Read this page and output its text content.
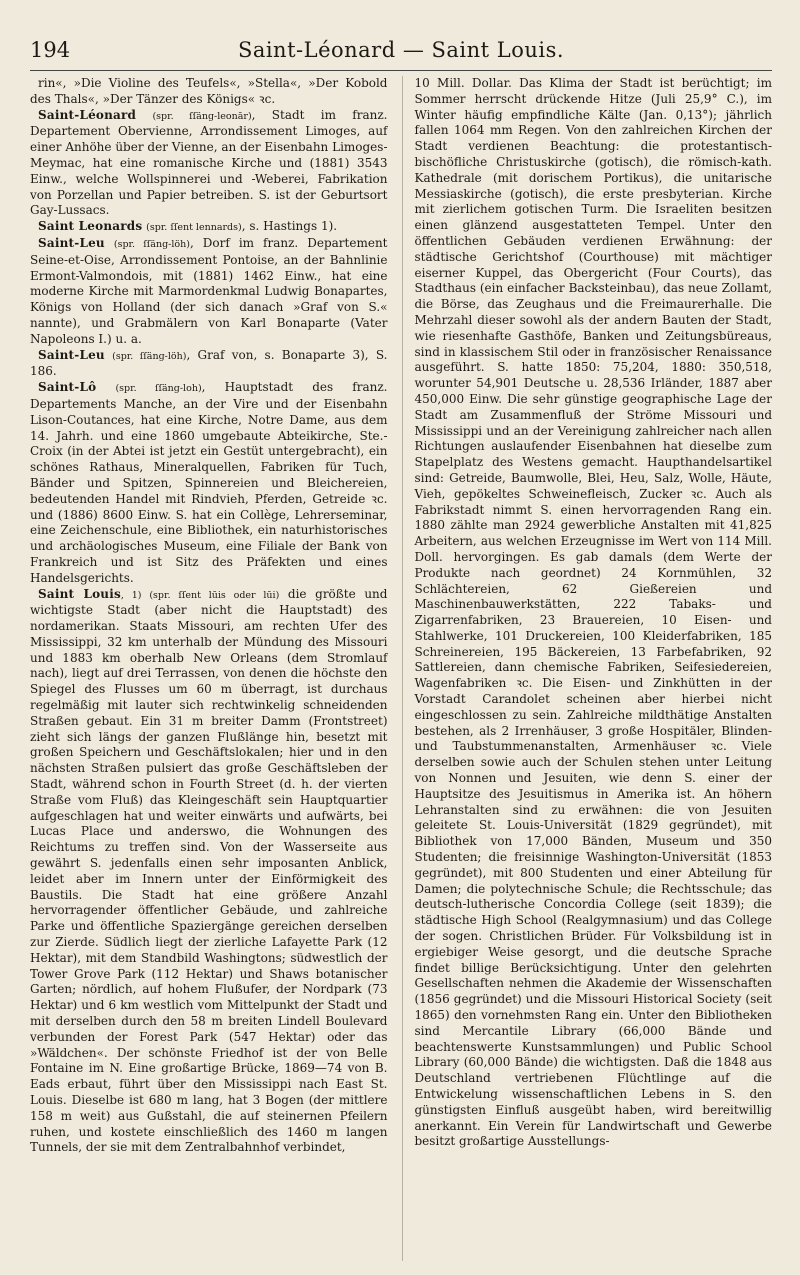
194	Saint-Léonard — Saint Louis.

rin«, »Die Violine des Teufels«, »Stella«, »Der Kobold des Thals«, »Der Tänzer des Königs« ꝛc.

Saint-Léonard (spr. ſſäng-leonār), Stadt im franz. Departement Obervienne, Arrondissement Limoges, auf einer Anhöhe über der Vienne, an der Eisenbahn Limoges-Meymac, hat eine romanische Kirche und (1881) 3543 Einw., welche Wollspinnerei und -Weberei, Fabrikation von Porzellan und Papier betreiben. S. ist der Geburtsort Gay-Lussacs.

Saint Leonards (spr. ſſent lennards), s. Hastings 1).

Saint-Leu (spr. ſſäng-löh), Dorf im franz. Departement Seine-et-Oise, Arrondissement Pontoise, an der Bahnlinie Ermont-Valmondois, mit (1881) 1462 Einw., hat eine moderne Kirche mit Marmordenkmal Ludwig Bonapartes, Königs von Holland (der sich danach »Graf von S.« nannte), und Grabmälern von Karl Bonaparte (Vater Napoleons I.) u. a.

Saint-Leu (spr. ſſäng-löh), Graf von, s. Bonaparte 3), S. 186.

Saint-Lô (spr. ſſäng-loh), Hauptstadt des franz. Departements Manche, an der Vire und der Eisenbahn Lison-Coutances, hat eine Kirche, Notre Dame, aus dem 14. Jahrh. und eine 1860 umgebaute Abteikirche, Ste.-Croix (in der Abtei ist jetzt ein Gestüt untergebracht), ein schönes Rathaus, Mineralquellen, Fabriken für Tuch, Bänder und Spitzen, Spinnereien und Bleichereien, bedeutenden Handel mit Rindvieh, Pferden, Getreide ꝛc. und (1886) 8600 Einw. S. hat ein Collège, Lehrerseminar, eine Zeichenschule, eine Bibliothek, ein naturhistorisches und archäologisches Museum, eine Filiale der Bank von Frankreich und ist Sitz des Präfekten und eines Handelsgerichts.

Saint Louis, 1) (spr. ſſent lūis oder lūi) die größte und wichtigste Stadt (aber nicht die Hauptstadt) des nordamerikan. Staats Missouri, am rechten Ufer des Mississippi, 32 km unterhalb der Mündung des Missouri und 1883 km oberhalb New Orleans (dem Stromlauf nach), liegt auf drei Terrassen, von denen die höchste den Spiegel des Flusses um 60 m überragt, ist durchaus regelmäßig mit lauter sich rechtwinkelig schneidenden Straßen gebaut. Ein 31 m breiter Damm (Frontstreet) zieht sich längs der ganzen Flußlänge hin, besetzt mit großen Speichern und Geschäftslokalen; hier und in den nächsten Straßen pulsiert das große Geschäftsleben der Stadt, während schon in Fourth Street (d. h. der vierten Straße vom Fluß) das Kleingeschäft sein Hauptquartier aufgeschlagen hat und weiter einwärts und aufwärts, bei Lucas Place und anderswo, die Wohnungen des Reichtums zu treffen sind. Von der Wasserseite aus gewährt S. jedenfalls einen sehr imposanten Anblick, leidet aber im Innern unter der Einförmigkeit des Baustils. Die Stadt hat eine größere Anzahl hervorragender öffentlicher Gebäude, und zahlreiche Parke und öffentliche Spaziergänge gereichen derselben zur Zierde. Südlich liegt der zierliche Lafayette Park (12 Hektar), mit dem Standbild Washingtons; südwestlich der Tower Grove Park (112 Hektar) und Shaws botanischer Garten; nördlich, auf hohem Flußufer, der Nordpark (73 Hektar) und 6 km westlich vom Mittelpunkt der Stadt und mit derselben durch den 58 m breiten Lindell Boulevard verbunden der Forest Park (547 Hektar) oder das »Wäldchen«. Der schönste Friedhof ist der von Belle Fontaine im N. Eine großartige Brücke, 1869—74 von B. Eads erbaut, führt über den Mississippi nach East St. Louis. Dieselbe ist 680 m lang, hat 3 Bogen (der mittlere 158 m weit) aus Gußstahl, die auf steinernen Pfeilern ruhen, und kostete einschließlich des 1460 m langen Tunnels, der sie mit dem Zentralbahnhof verbindet,

10 Mill. Dollar. Das Klima der Stadt ist berüchtigt; im Sommer herrscht drückende Hitze (Juli 25,9° C.), im Winter häufig empfindliche Kälte (Jan. 0,13°); jährlich fallen 1064 mm Regen. Von den zahlreichen Kirchen der Stadt verdienen Beachtung: die protestantisch-bischöfliche Christuskirche (gotisch), die römisch-kath. Kathedrale (mit dorischem Portikus), die unitarische Messiaskirche (gotisch), die erste presbyterian. Kirche mit zierlichem gotischen Turm. Die Israeliten besitzen einen glänzend ausgestatteten Tempel. Unter den öffentlichen Gebäuden verdienen Erwähnung: der städtische Gerichtshof (Courthouse) mit mächtiger eiserner Kuppel, das Obergericht (Four Courts), das Stadthaus (ein einfacher Backsteinbau), das neue Zollamt, die Börse, das Zeughaus und die Freimaurerhalle. Die Mehrzahl dieser sowohl als der andern Bauten der Stadt, wie riesenhafte Gasthöfe, Banken und Zeitungsbüreaus, sind in klassischem Stil oder in französischer Renaissance ausgeführt. S. hatte 1850: 75,204, 1880: 350,518, worunter 54,901 Deutsche u. 28,536 Irländer, 1887 aber 450,000 Einw. Die sehr günstige geographische Lage der Stadt am Zusammenfluß der Ströme Missouri und Mississippi und an der Vereinigung zahlreicher nach allen Richtungen auslaufender Eisenbahnen hat dieselbe zum Stapelplatz des Westens gemacht. Haupthandelsartikel sind: Getreide, Baumwolle, Blei, Heu, Salz, Wolle, Häute, Vieh, gepökeltes Schweinefleisch, Zucker ꝛc. Auch als Fabrikstadt nimmt S. einen hervorragenden Rang ein. 1880 zählte man 2924 gewerbliche Anstalten mit 41,825 Arbeitern, aus welchen Erzeugnisse im Wert von 114 Mill. Doll. hervorgingen. Es gab damals (dem Werte der Produkte nach geordnet) 24 Kornmühlen, 32 Schlächtereien, 62 Gießereien und Maschinenbauwerkstätten, 222 Tabaks- und Zigarrenfabriken, 23 Brauereien, 10 Eisen- und Stahlwerke, 101 Druckereien, 100 Kleiderfabriken, 185 Schreinereien, 195 Bäckereien, 13 Farbefabriken, 92 Sattlereien, dann chemische Fabriken, Seifesiedereien, Wagenfabriken ꝛc. Die Eisen- und Zinkhütten in der Vorstadt Carandolet scheinen aber hierbei nicht eingeschlossen zu sein. Zahlreiche mildthätige Anstalten bestehen, als 2 Irrenhäuser, 3 große Hospitäler, Blinden- und Taubstummenanstalten, Armenhäuser ꝛc. Viele derselben sowie auch der Schulen stehen unter Leitung von Nonnen und Jesuiten, wie denn S. einer der Hauptsitze des Jesuitismus in Amerika ist. An höhern Lehranstalten sind zu erwähnen: die von Jesuiten geleitete St. Louis-Universität (1829 gegründet), mit Bibliothek von 17,000 Bänden, Museum und 350 Studenten; die freisinnige Washington-Universität (1853 gegründet), mit 800 Studenten und einer Abteilung für Damen; die polytechnische Schule; die Rechtsschule; das deutsch-lutherische Concordia College (seit 1839); die städtische High School (Realgymnasium) und das College der sogen. Christlichen Brüder. Für Volksbildung ist in ergiebiger Weise gesorgt, und die deutsche Sprache findet billige Berücksichtigung. Unter den gelehrten Gesellschaften nehmen die Akademie der Wissenschaften (1856 gegründet) und die Missouri Historical Society (seit 1865) den vornehmsten Rang ein. Unter den Bibliotheken sind Mercantile Library (66,000 Bände und beachtenswerte Kunstsammlungen) und Public School Library (60,000 Bände) die wichtigsten. Daß die 1848 aus Deutschland vertriebenen Flüchtlinge auf die Entwickelung wissenschaftlichen Lebens in S. den günstigsten Einfluß ausgeübt haben, wird bereitwillig anerkannt. Ein Verein für Landwirtschaft und Gewerbe besitzt großartige Ausstellungs-
